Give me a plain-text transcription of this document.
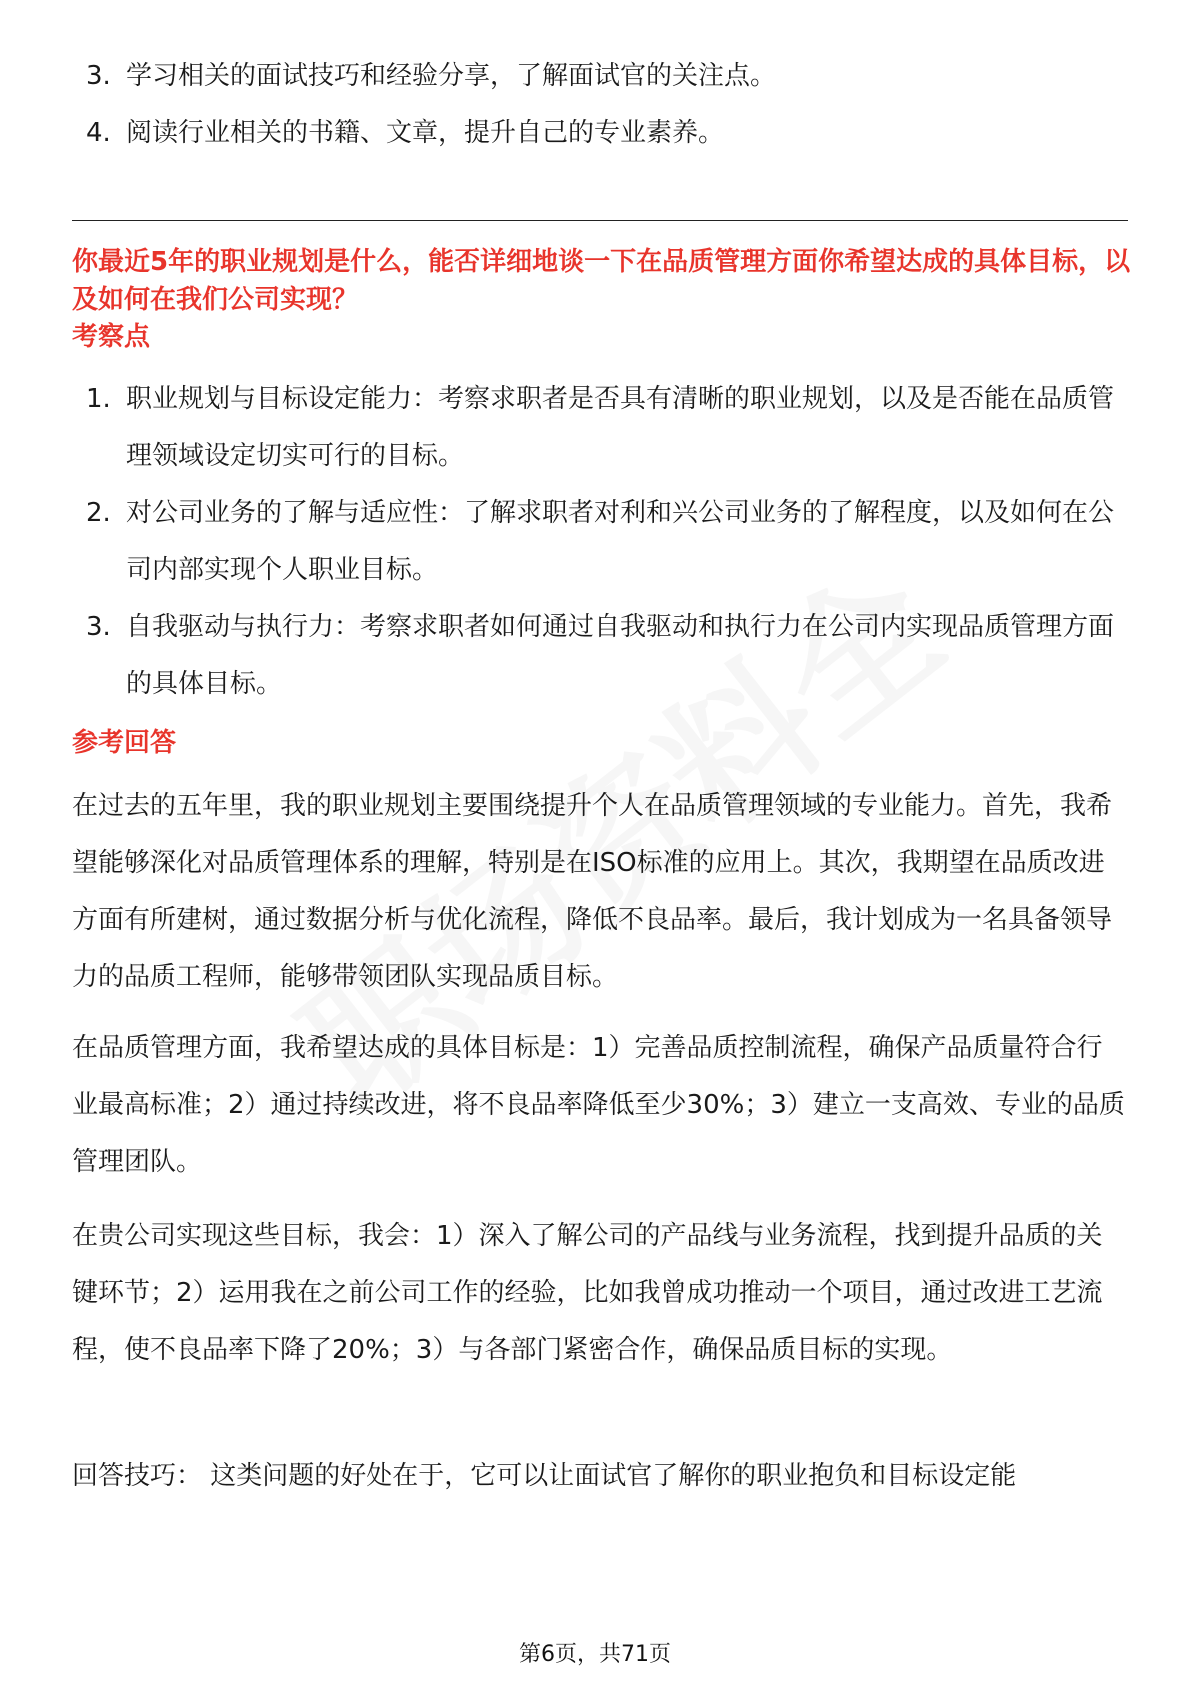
3. 学习相关的面试技巧和经验分享，了解面试官的关注点。
4. 阅读行业相关的书籍、文章，提升自己的专业素养。
你最近5年的职业规划是什么，能否详细地谈一下在品质管理方面你希望达成的具体目标，以及如何在我们公司实现？
考察点
1. 职业规划与目标设定能力：考察求职者是否具有清晰的职业规划，以及是否能在品质管理领域设定切实可行的目标。
2. 对公司业务的了解与适应性：了解求职者对利和兴公司业务的了解程度，以及如何在公司内部实现个人职业目标。
3. 自我驱动与执行力：考察求职者如何通过自我驱动和执行力在公司内实现品质管理方面的具体目标。
参考回答

在过去的五年里，我的职业规划主要围绕提升个人在品质管理领域的专业能力。首先，我希望能够深化对品质管理体系的理解，特别是在ISO标准的应用上。其次，我期望在品质改进方面有所建树，通过数据分析与优化流程，降低不良品率。最后，我计划成为一名具备领导力的品质工程师，能够带领团队实现品质目标。

在品质管理方面，我希望达成的具体目标是：1）完善品质控制流程，确保产品质量符合行业最高标准；2）通过持续改进，将不良品率降低至少30%；3）建立一支高效、专业的品质管理团队。

在贵公司实现这些目标，我会：1）深入了解公司的产品线与业务流程，找到提升品质的关键环节；2）运用我在之前公司工作的经验，比如我曾成功推动一个项目，通过改进工艺流程，使不良品率下降了20%；3）与各部门紧密合作，确保品质目标的实现。

回答技巧： 这类问题的好处在于，它可以让面试官了解你的职业抱负和目标设定能

第6页，共71页
